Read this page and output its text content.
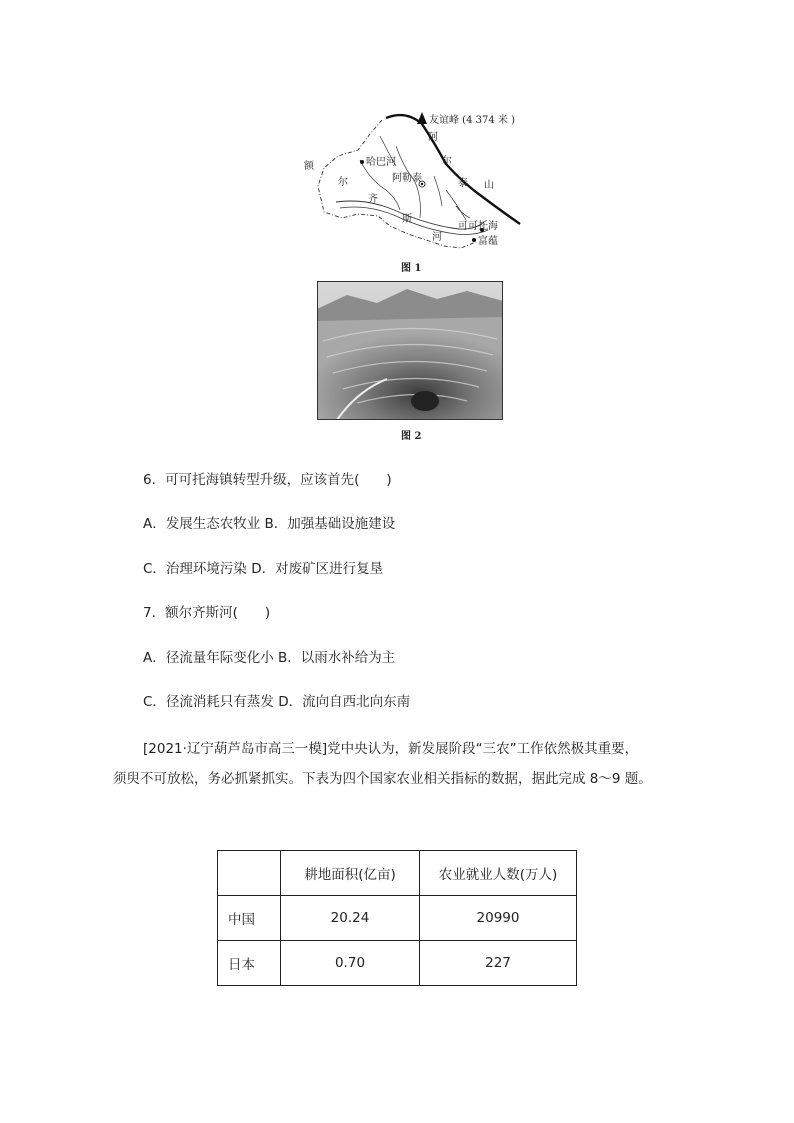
友谊峰 (4 374 米 )
哈巴河
阿勒泰
可可托海
富蕴
额
尔
齐
斯
河
阿
尔
泰 山
图 1
图 2
6．可可托海镇转型升级，应该首先(　　)
A．发展生态农牧业 B．加强基础设施建设
C．治理环境污染 D．对废矿区进行复垦
7．额尔齐斯河(　　)
A．径流量年际变化小 B．以雨水补给为主
C．径流消耗只有蒸发 D．流向自西北向东南
[2021·辽宁葫芦岛市高三一模]党中央认为，新发展阶段“三农”工作依然极其重要，
须臾不可放松，务必抓紧抓实。下表为四个国家农业相关指标的数据，据此完成 8～9 题。
	耕地面积(亿亩)	农业就业人数(万人)
中国	20.24	20990
日本	0.70	227
